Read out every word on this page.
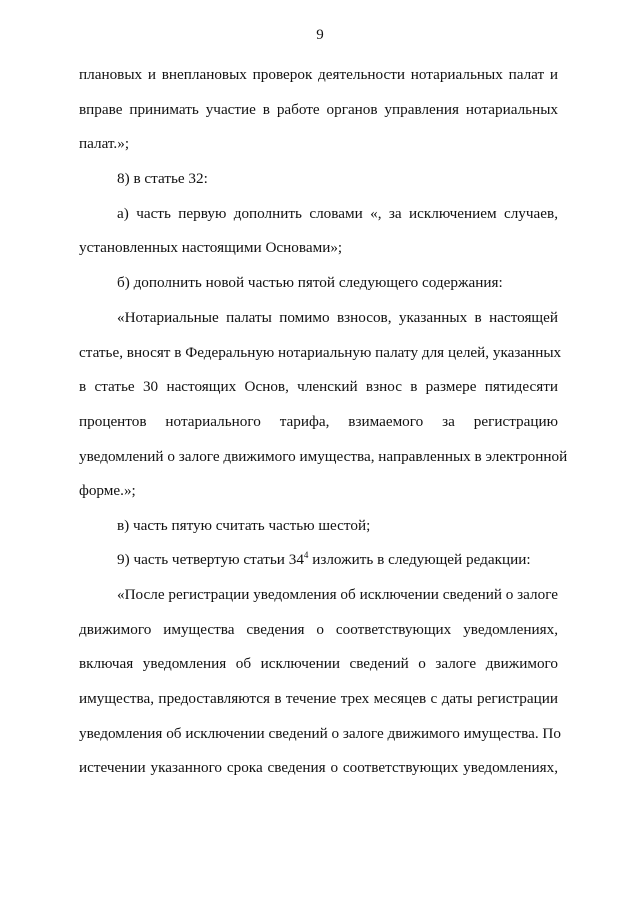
9
плановых и внеплановых проверок деятельности нотариальных палат и
вправе принимать участие в работе органов управления нотариальных
палат.»;
8) в статье 32:
а) часть первую дополнить словами «, за исключением случаев,
установленных настоящими Основами»;
б) дополнить новой частью пятой следующего содержания:
«Нотариальные палаты помимо взносов, указанных в настоящей
статье, вносят в Федеральную нотариальную палату для целей, указанных
в статье 30 настоящих Основ, членский взнос в размере пятидесяти
процентов нотариального тарифа, взимаемого за регистрацию
уведомлений о залоге движимого имущества, направленных в электронной
форме.»;
в) часть пятую считать частью шестой;
9) часть четвертую статьи $34^4$ изложить в следующей редакции:
«После регистрации уведомления об исключении сведений о залоге
движимого имущества сведения о соответствующих уведомлениях,
включая уведомления об исключении сведений о залоге движимого
имущества, предоставляются в течение трех месяцев с даты регистрации
уведомления об исключении сведений о залоге движимого имущества. По
истечении указанного срока сведения о соответствующих уведомлениях,
